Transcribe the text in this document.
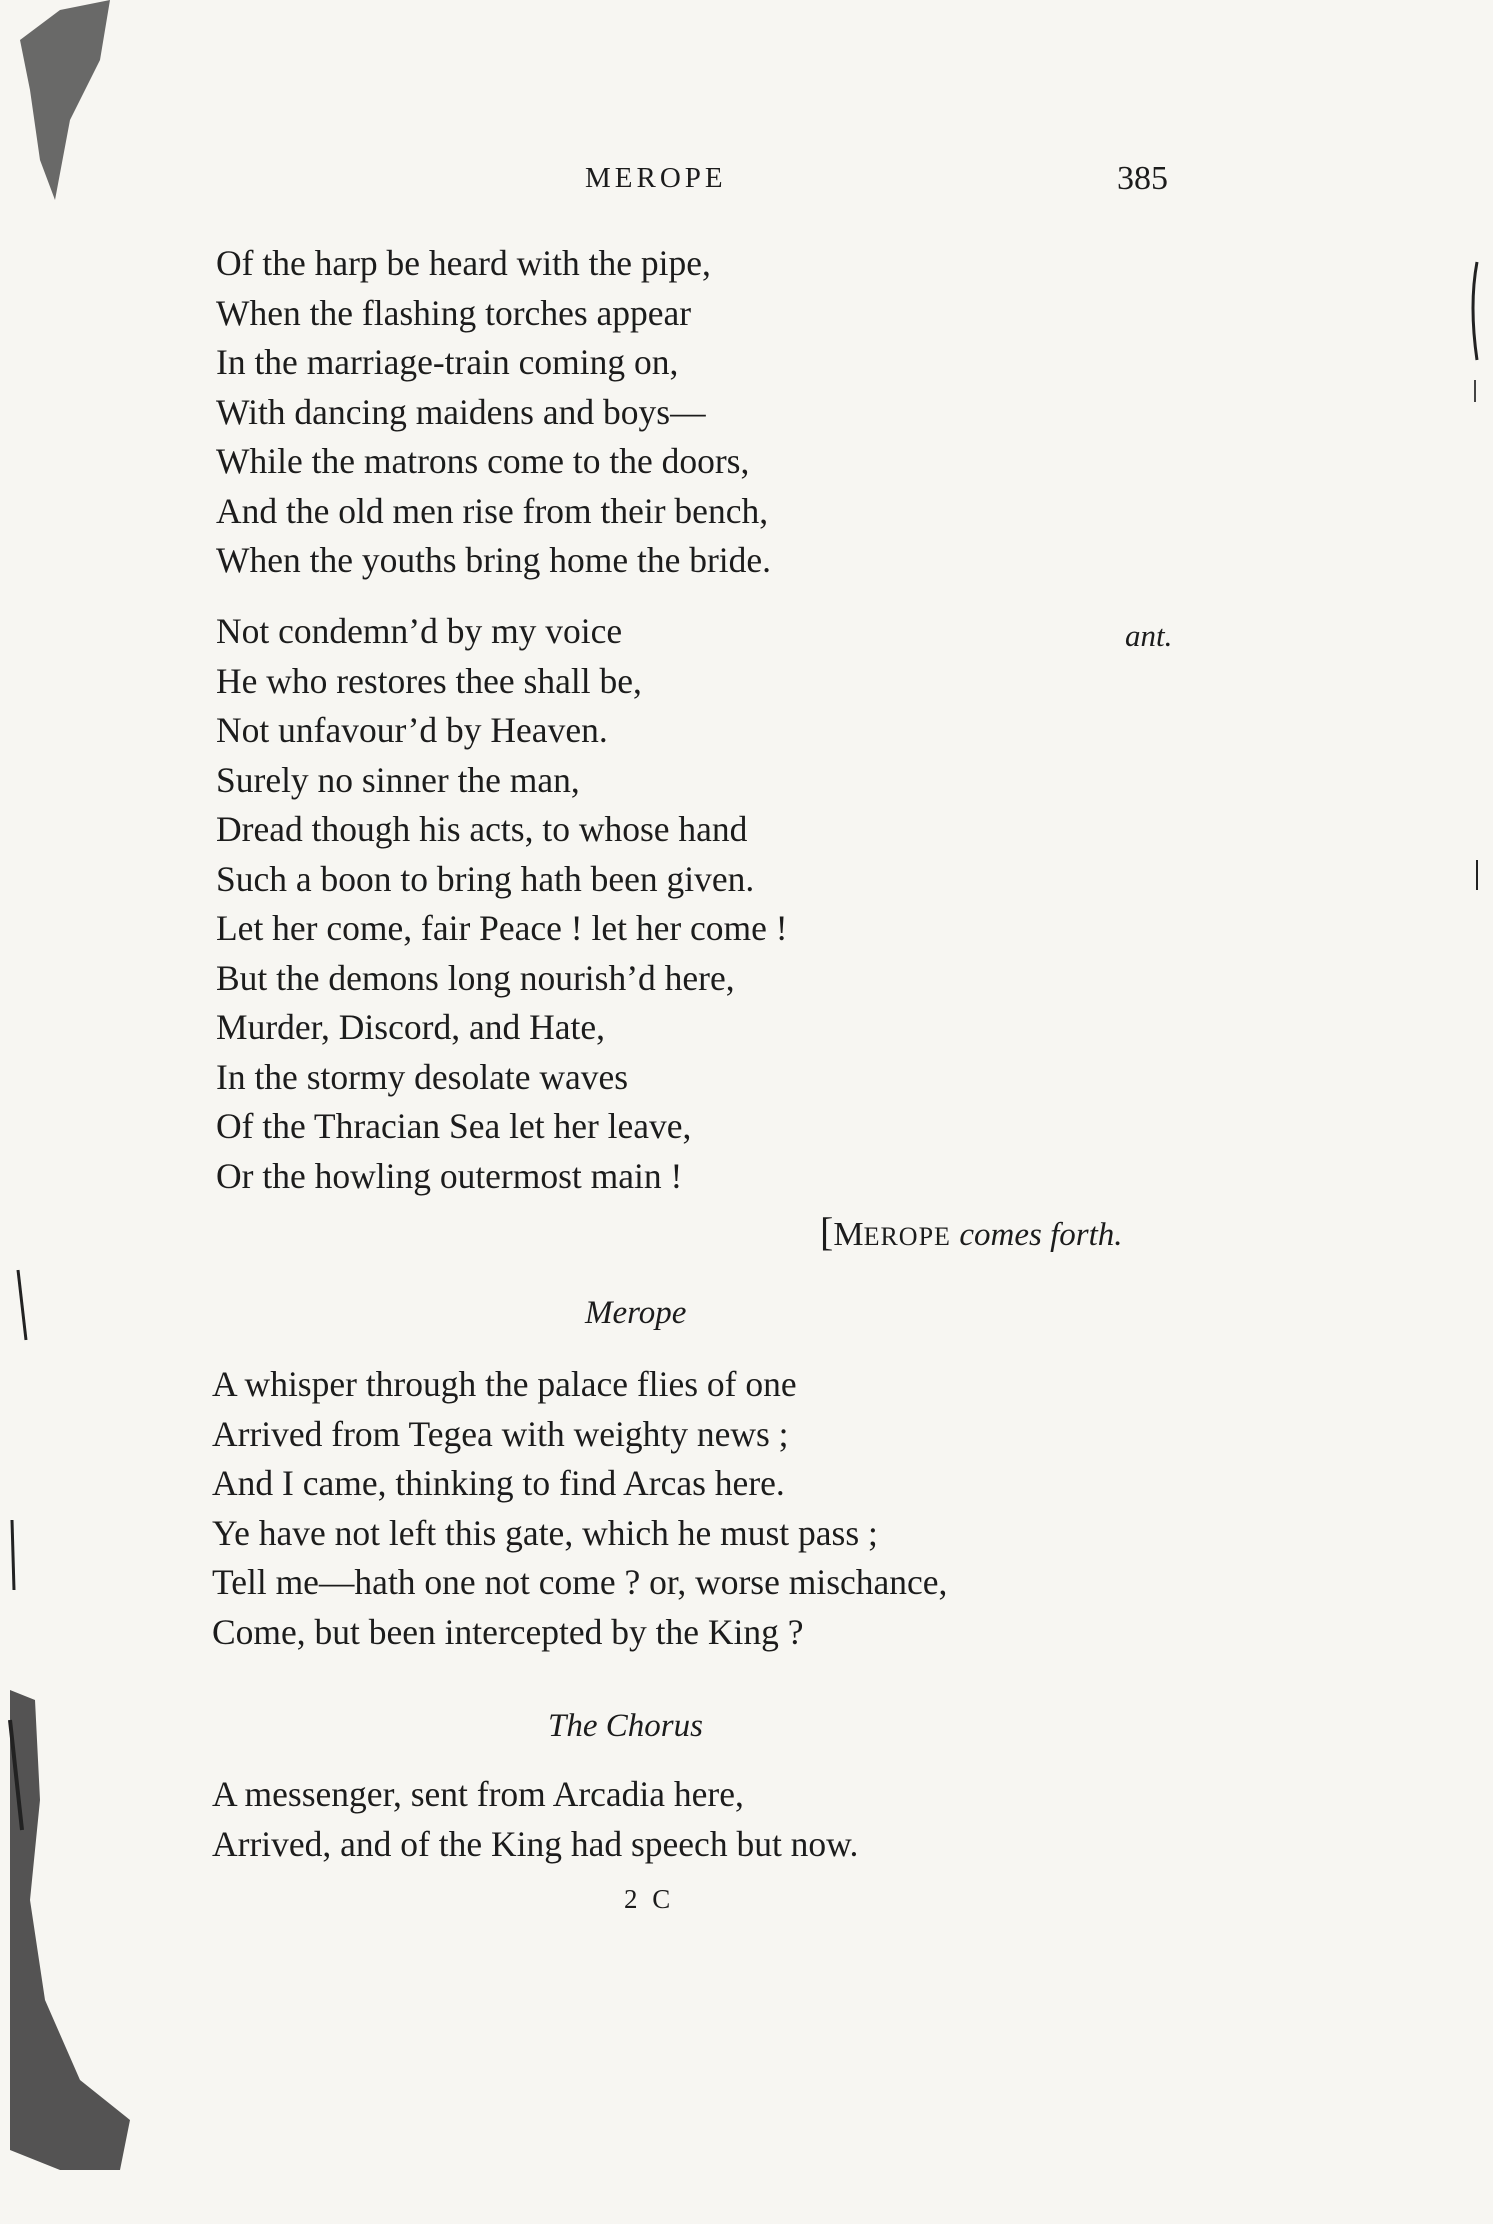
MEROPE	385
Of the harp be heard with the pipe,
When the flashing torches appear
In the marriage-train coming on,
With dancing maidens and boys—
While the matrons come to the doors,
And the old men rise from their bench,
When the youths bring home the bride.
ant.
Not condemn’d by my voice
He who restores thee shall be,
Not unfavour’d by Heaven.
Surely no sinner the man,
Dread though his acts, to whose hand
Such a boon to bring hath been given.
Let her come, fair Peace ! let her come !
But the demons long nourish’d here,
Murder, Discord, and Hate,
In the stormy desolate waves
Of the Thracian Sea let her leave,
Or the howling outermost main !
[MEROPE comes forth.
Merope
A whisper through the palace flies of one
Arrived from Tegea with weighty news ;
And I came, thinking to find Arcas here.
Ye have not left this gate, which he must pass ;
Tell me—hath one not come ? or, worse mischance,
Come, but been intercepted by the King ?
The Chorus
A messenger, sent from Arcadia here,
Arrived, and of the King had speech but now.
2 C
